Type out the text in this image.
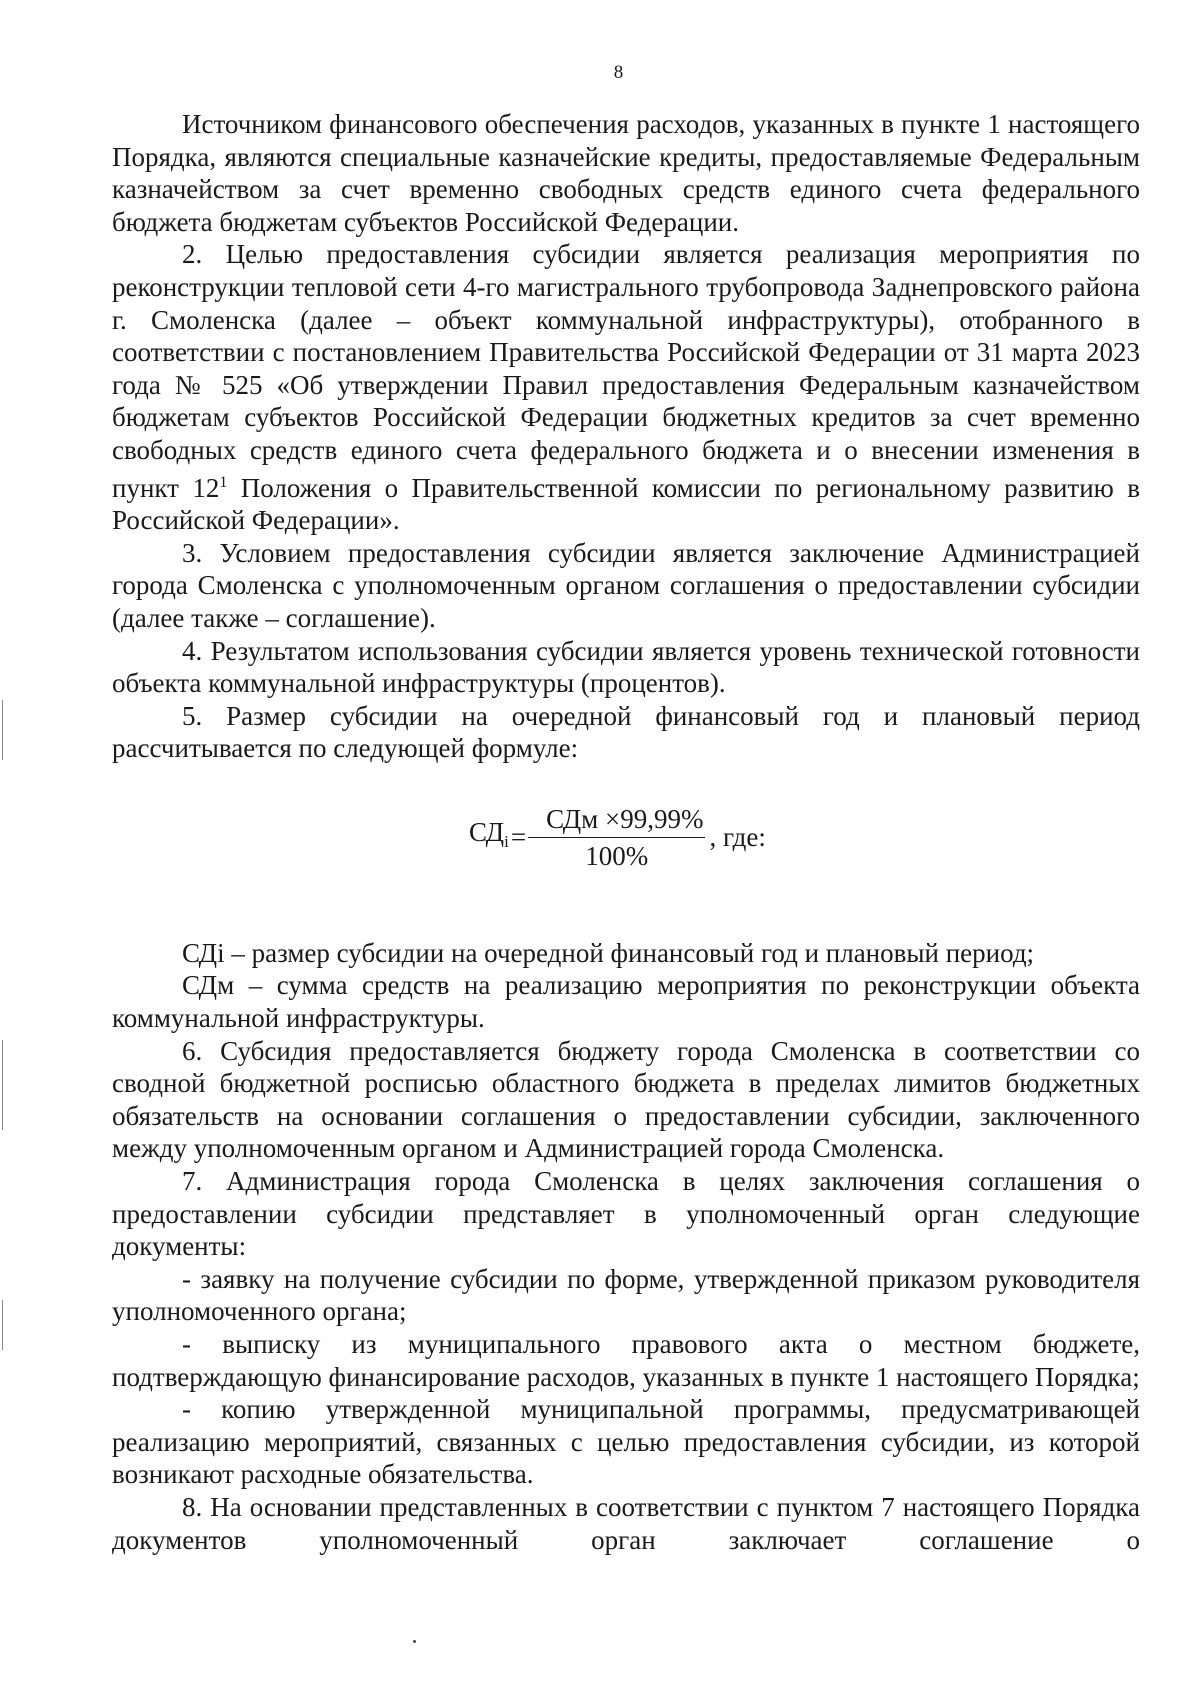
8

Источником финансового обеспечения расходов, указанных в пункте 1 настоящего Порядка, являются специальные казначейские кредиты, предоставляемые Федеральным казначейством за счет временно свободных средств единого счета федерального бюджета бюджетам субъектов Российской Федерации.

2. Целью предоставления субсидии является реализация мероприятия по реконструкции тепловой сети 4-го магистрального трубопровода Заднепровского района г. Смоленска (далее – объект коммунальной инфраструктуры), отобранного в соответствии с постановлением Правительства Российской Федерации от 31 марта 2023 года № 525 «Об утверждении Правил предоставления Федеральным казначейством бюджетам субъектов Российской Федерации бюджетных кредитов за счет временно свободных средств единого счета федерального бюджета и о внесении изменения в пункт $12^1$ Положения о Правительственной комиссии по региональному развитию в Российской Федерации».

3. Условием предоставления субсидии является заключение Администрацией города Смоленска с уполномоченным органом соглашения о предоставлении субсидии (далее также – соглашение).

4. Результатом использования субсидии является уровень технической готовности объекта коммунальной инфраструктуры (процентов).

5. Размер субсидии на очередной финансовый год и плановый период рассчитывается по следующей формуле:

$СД_i = \frac{\text{СДм ×99,99\%}}{100\%}$ , где:

СДi – размер субсидии на очередной финансовый год и плановый период;

СДм – сумма средств на реализацию мероприятия по реконструкции объекта коммунальной инфраструктуры.

6. Субсидия предоставляется бюджету города Смоленска в соответствии со сводной бюджетной росписью областного бюджета в пределах лимитов бюджетных обязательств на основании соглашения о предоставлении субсидии, заключенного между уполномоченным органом и Администрацией города Смоленска.

7. Администрация города Смоленска в целях заключения соглашения о предоставлении субсидии представляет в уполномоченный орган следующие документы:

- заявку на получение субсидии по форме, утвержденной приказом руководителя уполномоченного органа;

- выписку из муниципального правового акта о местном бюджете, подтверждающую финансирование расходов, указанных в пункте 1 настоящего Порядка;

- копию утвержденной муниципальной программы, предусматривающей реализацию мероприятий, связанных с целью предоставления субсидии, из которой возникают расходные обязательства.

8. На основании представленных в соответствии с пунктом 7 настоящего Порядка документов уполномоченный орган заключает соглашение о
